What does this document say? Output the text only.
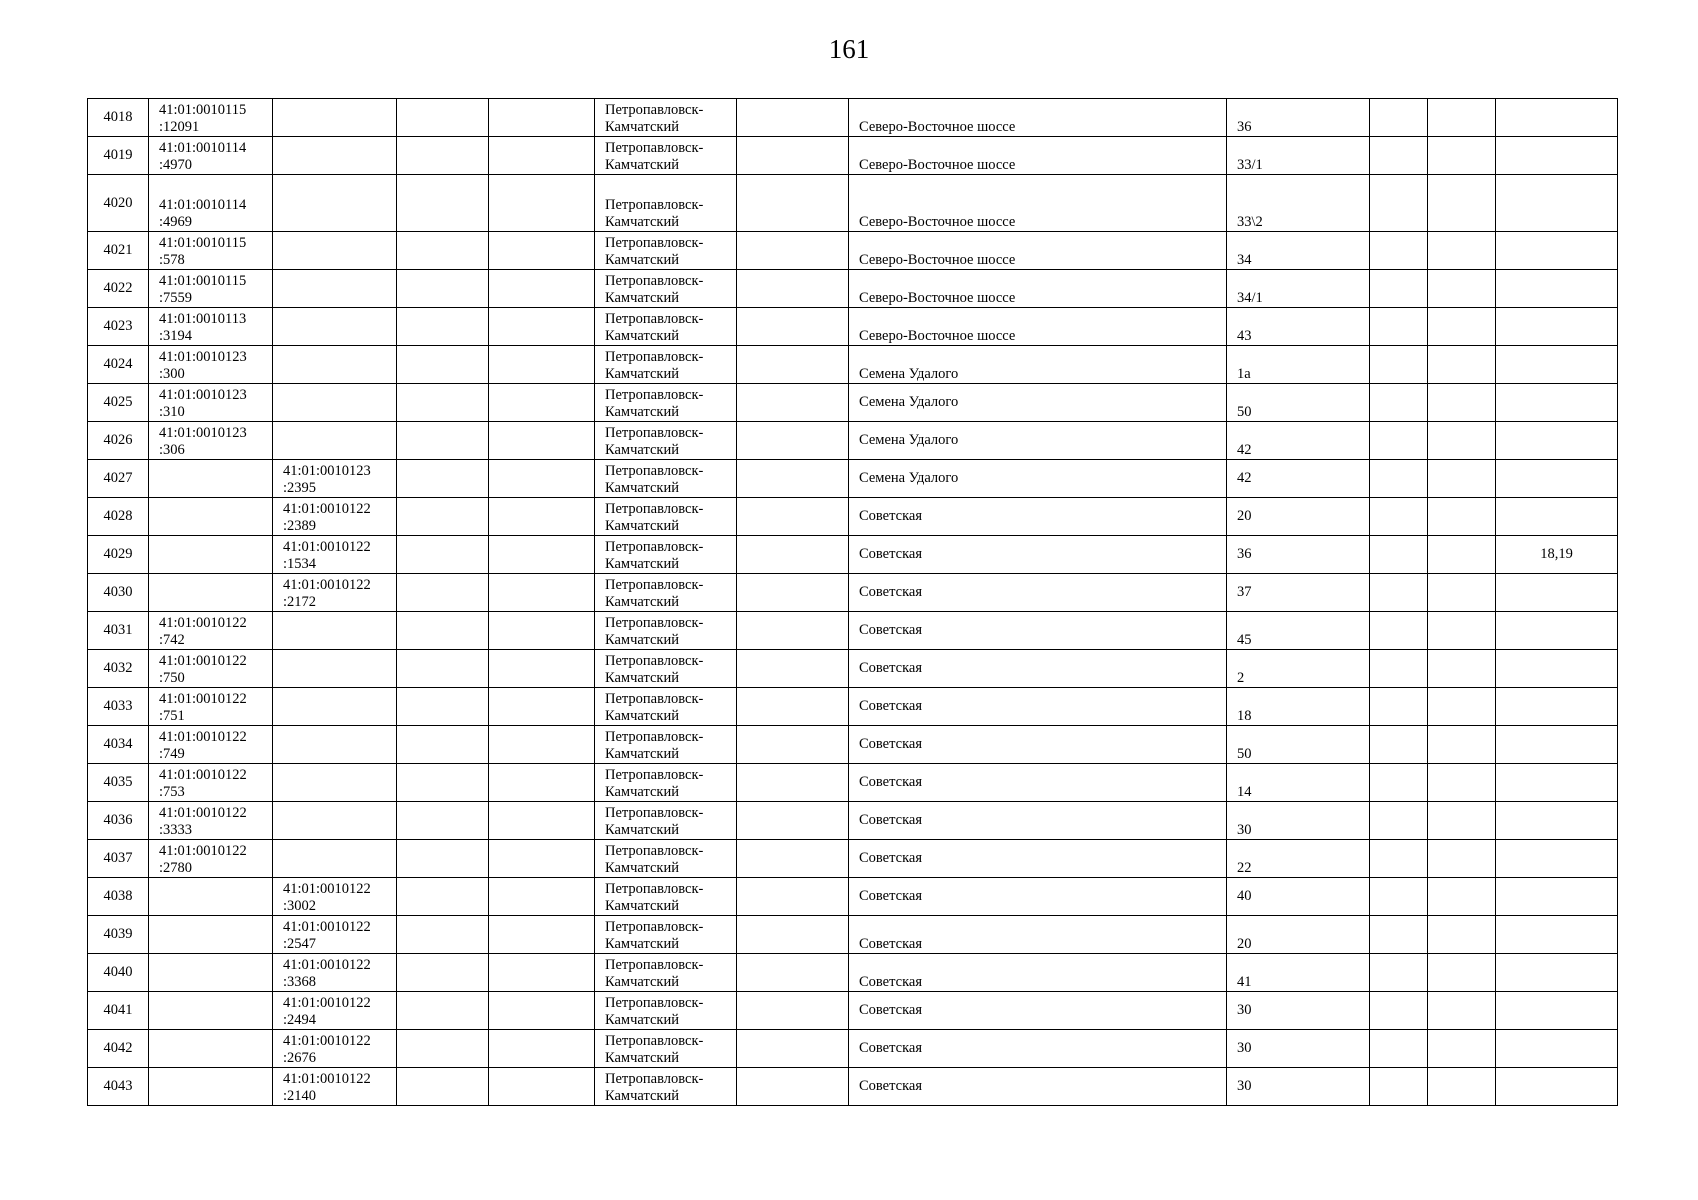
161
4018	41:01:0010115
:12091				Петропавловск-
Камчатский		Северо-Восточное шоссе	36			

4019	41:01:0010114
:4970				Петропавловск-
Камчатский		Северо-Восточное шоссе	33/1			

4020	41:01:0010114
:4969				Петропавловск-
Камчатский		Северо-Восточное шоссе	33\2			

4021	41:01:0010115
:578				Петропавловск-
Камчатский		Северо-Восточное шоссе	34			

4022	41:01:0010115
:7559				Петропавловск-
Камчатский		Северо-Восточное шоссе	34/1			

4023	41:01:0010113
:3194				Петропавловск-
Камчатский		Северо-Восточное шоссе	43			

4024	41:01:0010123
:300				Петропавловск-
Камчатский		Семена Удалого	1а			

4025	41:01:0010123
:310				Петропавловск-
Камчатский		Семена Удалого	50			

4026	41:01:0010123
:306				Петропавловск-
Камчатский		Семена Удалого	42			

4027		41:01:0010123
:2395			Петропавловск-
Камчатский		Семена Удалого	42			

4028		41:01:0010122
:2389			Петропавловск-
Камчатский		Советская	20			

4029		41:01:0010122
:1534			Петропавловск-
Камчатский		Советская	36			18,19

4030		41:01:0010122
:2172			Петропавловск-
Камчатский		Советская	37			

4031	41:01:0010122
:742				Петропавловск-
Камчатский		Советская	45			

4032	41:01:0010122
:750				Петропавловск-
Камчатский		Советская	2			

4033	41:01:0010122
:751				Петропавловск-
Камчатский		Советская	18			

4034	41:01:0010122
:749				Петропавловск-
Камчатский		Советская	50			

4035	41:01:0010122
:753				Петропавловск-
Камчатский		Советская	14			

4036	41:01:0010122
:3333				Петропавловск-
Камчатский		Советская	30			

4037	41:01:0010122
:2780				Петропавловск-
Камчатский		Советская	22			

4038		41:01:0010122
:3002			Петропавловск-
Камчатский		Советская	40			

4039		41:01:0010122
:2547			Петропавловск-
Камчатский		Советская	20			

4040		41:01:0010122
:3368			Петропавловск-
Камчатский		Советская	41			

4041		41:01:0010122
:2494			Петропавловск-
Камчатский		Советская	30			

4042		41:01:0010122
:2676			Петропавловск-
Камчатский		Советская	30			

4043		41:01:0010122
:2140			Петропавловск-
Камчатский		Советская	30			
